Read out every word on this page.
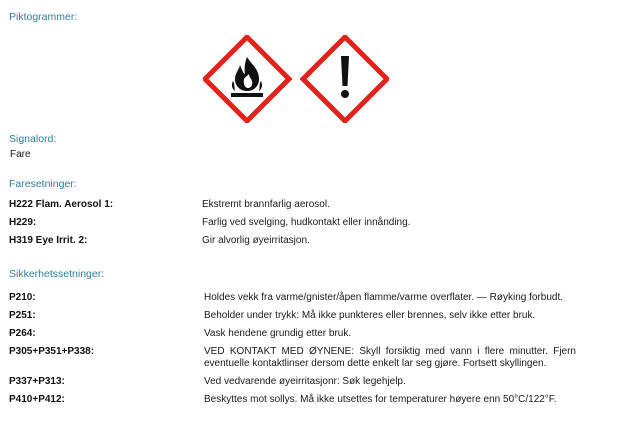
Piktogrammer:
Signalord:
Fare
Faresetninger:
H222 Flam. Aerosol 1:	Ekstremt brannfarlig aerosol.
H229:	Farlig ved svelging, hudkontakt eller innånding.
H319 Eye Irrit. 2:	Gir alvorlig øyeirritasjon.
Sikkerhetssetninger:
P210:	Holdes vekk fra varme/gnister/åpen flamme/varme overflater. — Røyking forbudt.
P251:	Beholder under trykk: Må ikke punkteres eller brennes, selv ikke etter bruk.
P264:	Vask hendene grundig etter bruk.
P305+P351+P338:	VED KONTAKT MED ØYNENE: Skyll forsiktig med vann i flere minutter. Fjern eventuelle kontaktlinser dersom dette enkelt lar seg gjøre. Fortsett skyllingen.
P337+P313:	Ved vedvarende øyeirritasjonr: Søk legehjelp.
P410+P412:	Beskyttes mot sollys. Må ikke utsettes for temperaturer høyere enn 50°C/122°F.
